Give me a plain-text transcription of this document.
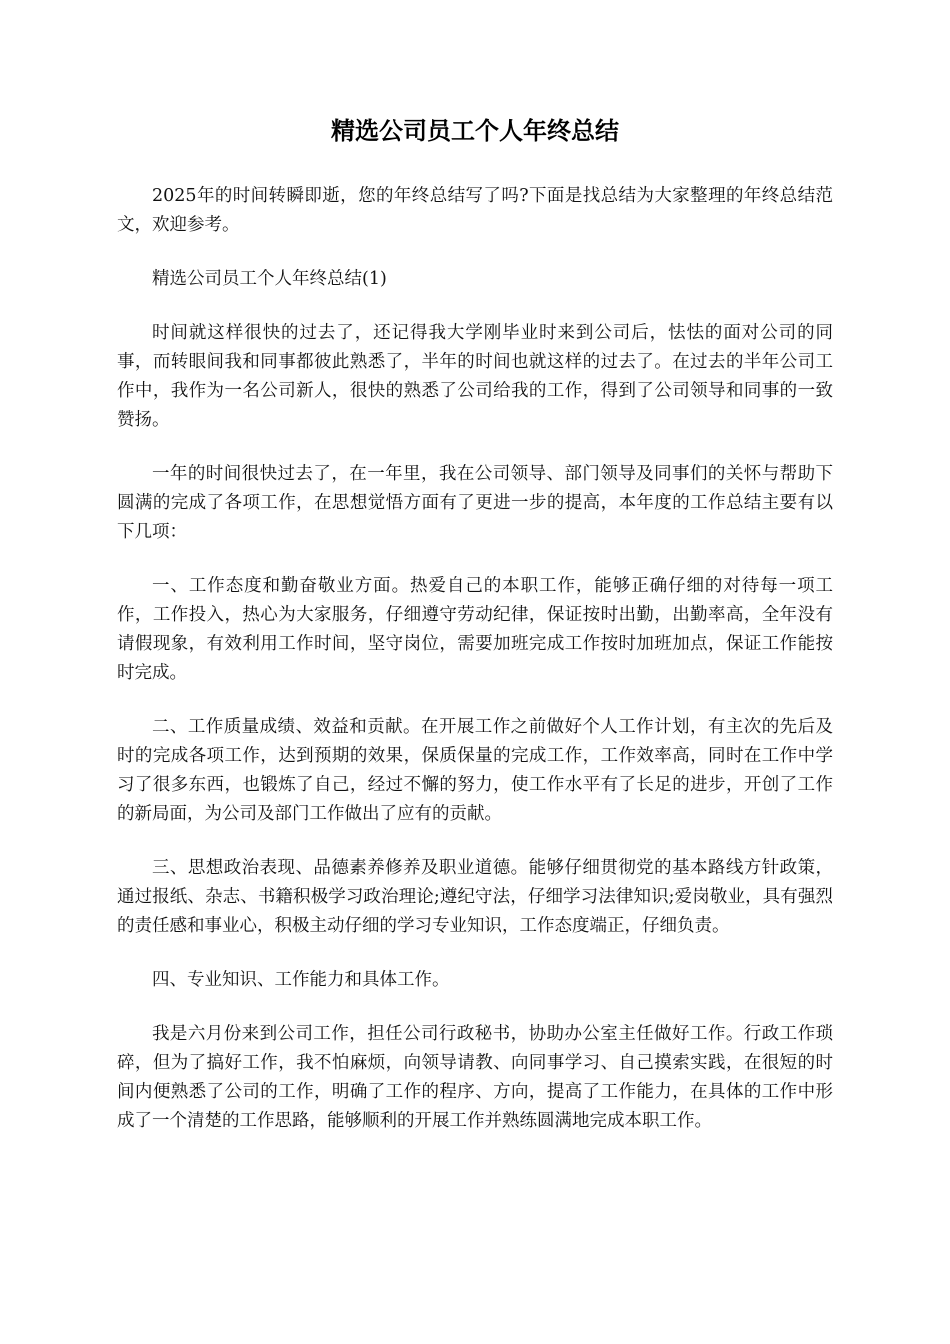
精选公司员工个人年终总结

2025年的时间转瞬即逝，您的年终总结写了吗?下面是找总结为大家整理的年终总结范文，欢迎参考。

精选公司员工个人年终总结(1)

时间就这样很快的过去了，还记得我大学刚毕业时来到公司后，怯怯的面对公司的同事，而转眼间我和同事都彼此熟悉了，半年的时间也就这样的过去了。在过去的半年公司工作中，我作为一名公司新人，很快的熟悉了公司给我的工作，得到了公司领导和同事的一致赞扬。

一年的时间很快过去了，在一年里，我在公司领导、部门领导及同事们的关怀与帮助下圆满的完成了各项工作，在思想觉悟方面有了更进一步的提高，本年度的工作总结主要有以下几项：

一、工作态度和勤奋敬业方面。热爱自己的本职工作，能够正确仔细的对待每一项工作，工作投入，热心为大家服务，仔细遵守劳动纪律，保证按时出勤，出勤率高，全年没有请假现象，有效利用工作时间，坚守岗位，需要加班完成工作按时加班加点，保证工作能按时完成。

二、工作质量成绩、效益和贡献。在开展工作之前做好个人工作计划，有主次的先后及时的完成各项工作，达到预期的效果，保质保量的完成工作，工作效率高，同时在工作中学习了很多东西，也锻炼了自己，经过不懈的努力，使工作水平有了长足的进步，开创了工作的新局面，为公司及部门工作做出了应有的贡献。

三、思想政治表现、品德素养修养及职业道德。能够仔细贯彻党的基本路线方针政策，通过报纸、杂志、书籍积极学习政治理论;遵纪守法，仔细学习法律知识;爱岗敬业，具有强烈的责任感和事业心，积极主动仔细的学习专业知识，工作态度端正，仔细负责。

四、专业知识、工作能力和具体工作。

我是六月份来到公司工作，担任公司行政秘书，协助办公室主任做好工作。行政工作琐碎，但为了搞好工作，我不怕麻烦，向领导请教、向同事学习、自己摸索实践，在很短的时间内便熟悉了公司的工作，明确了工作的程序、方向，提高了工作能力，在具体的工作中形成了一个清楚的工作思路，能够顺利的开展工作并熟练圆满地完成本职工作。
